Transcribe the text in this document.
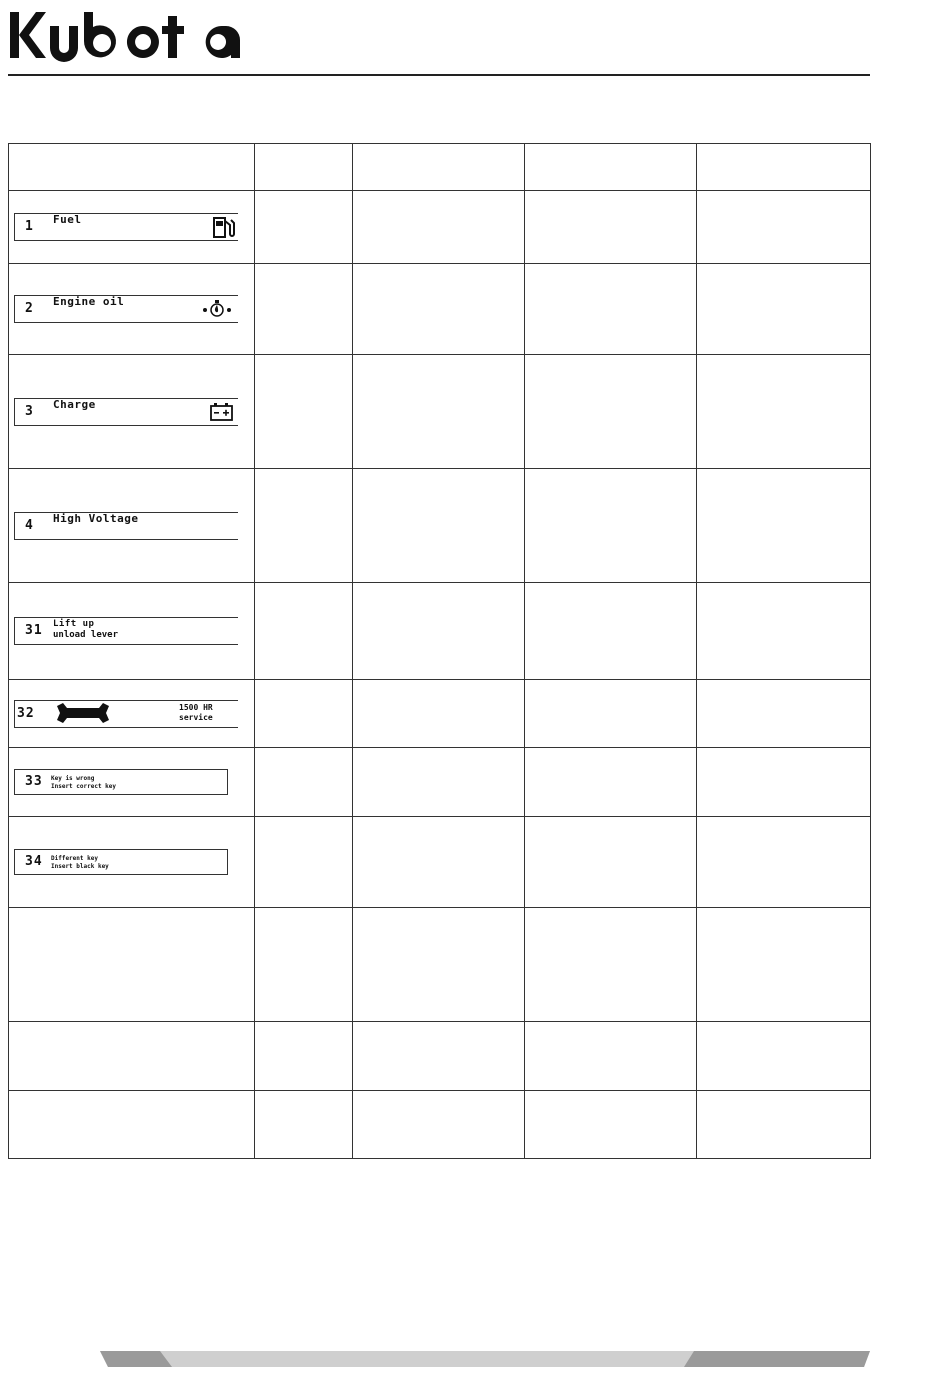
1 Fuel				

2 Engine oil				

3 Charge				

4 High Voltage				

31 Lift up
unload lever				

32 1500 HR
service				

33 Key is wrong
Insert correct key				

34 Different key
Insert black key				
